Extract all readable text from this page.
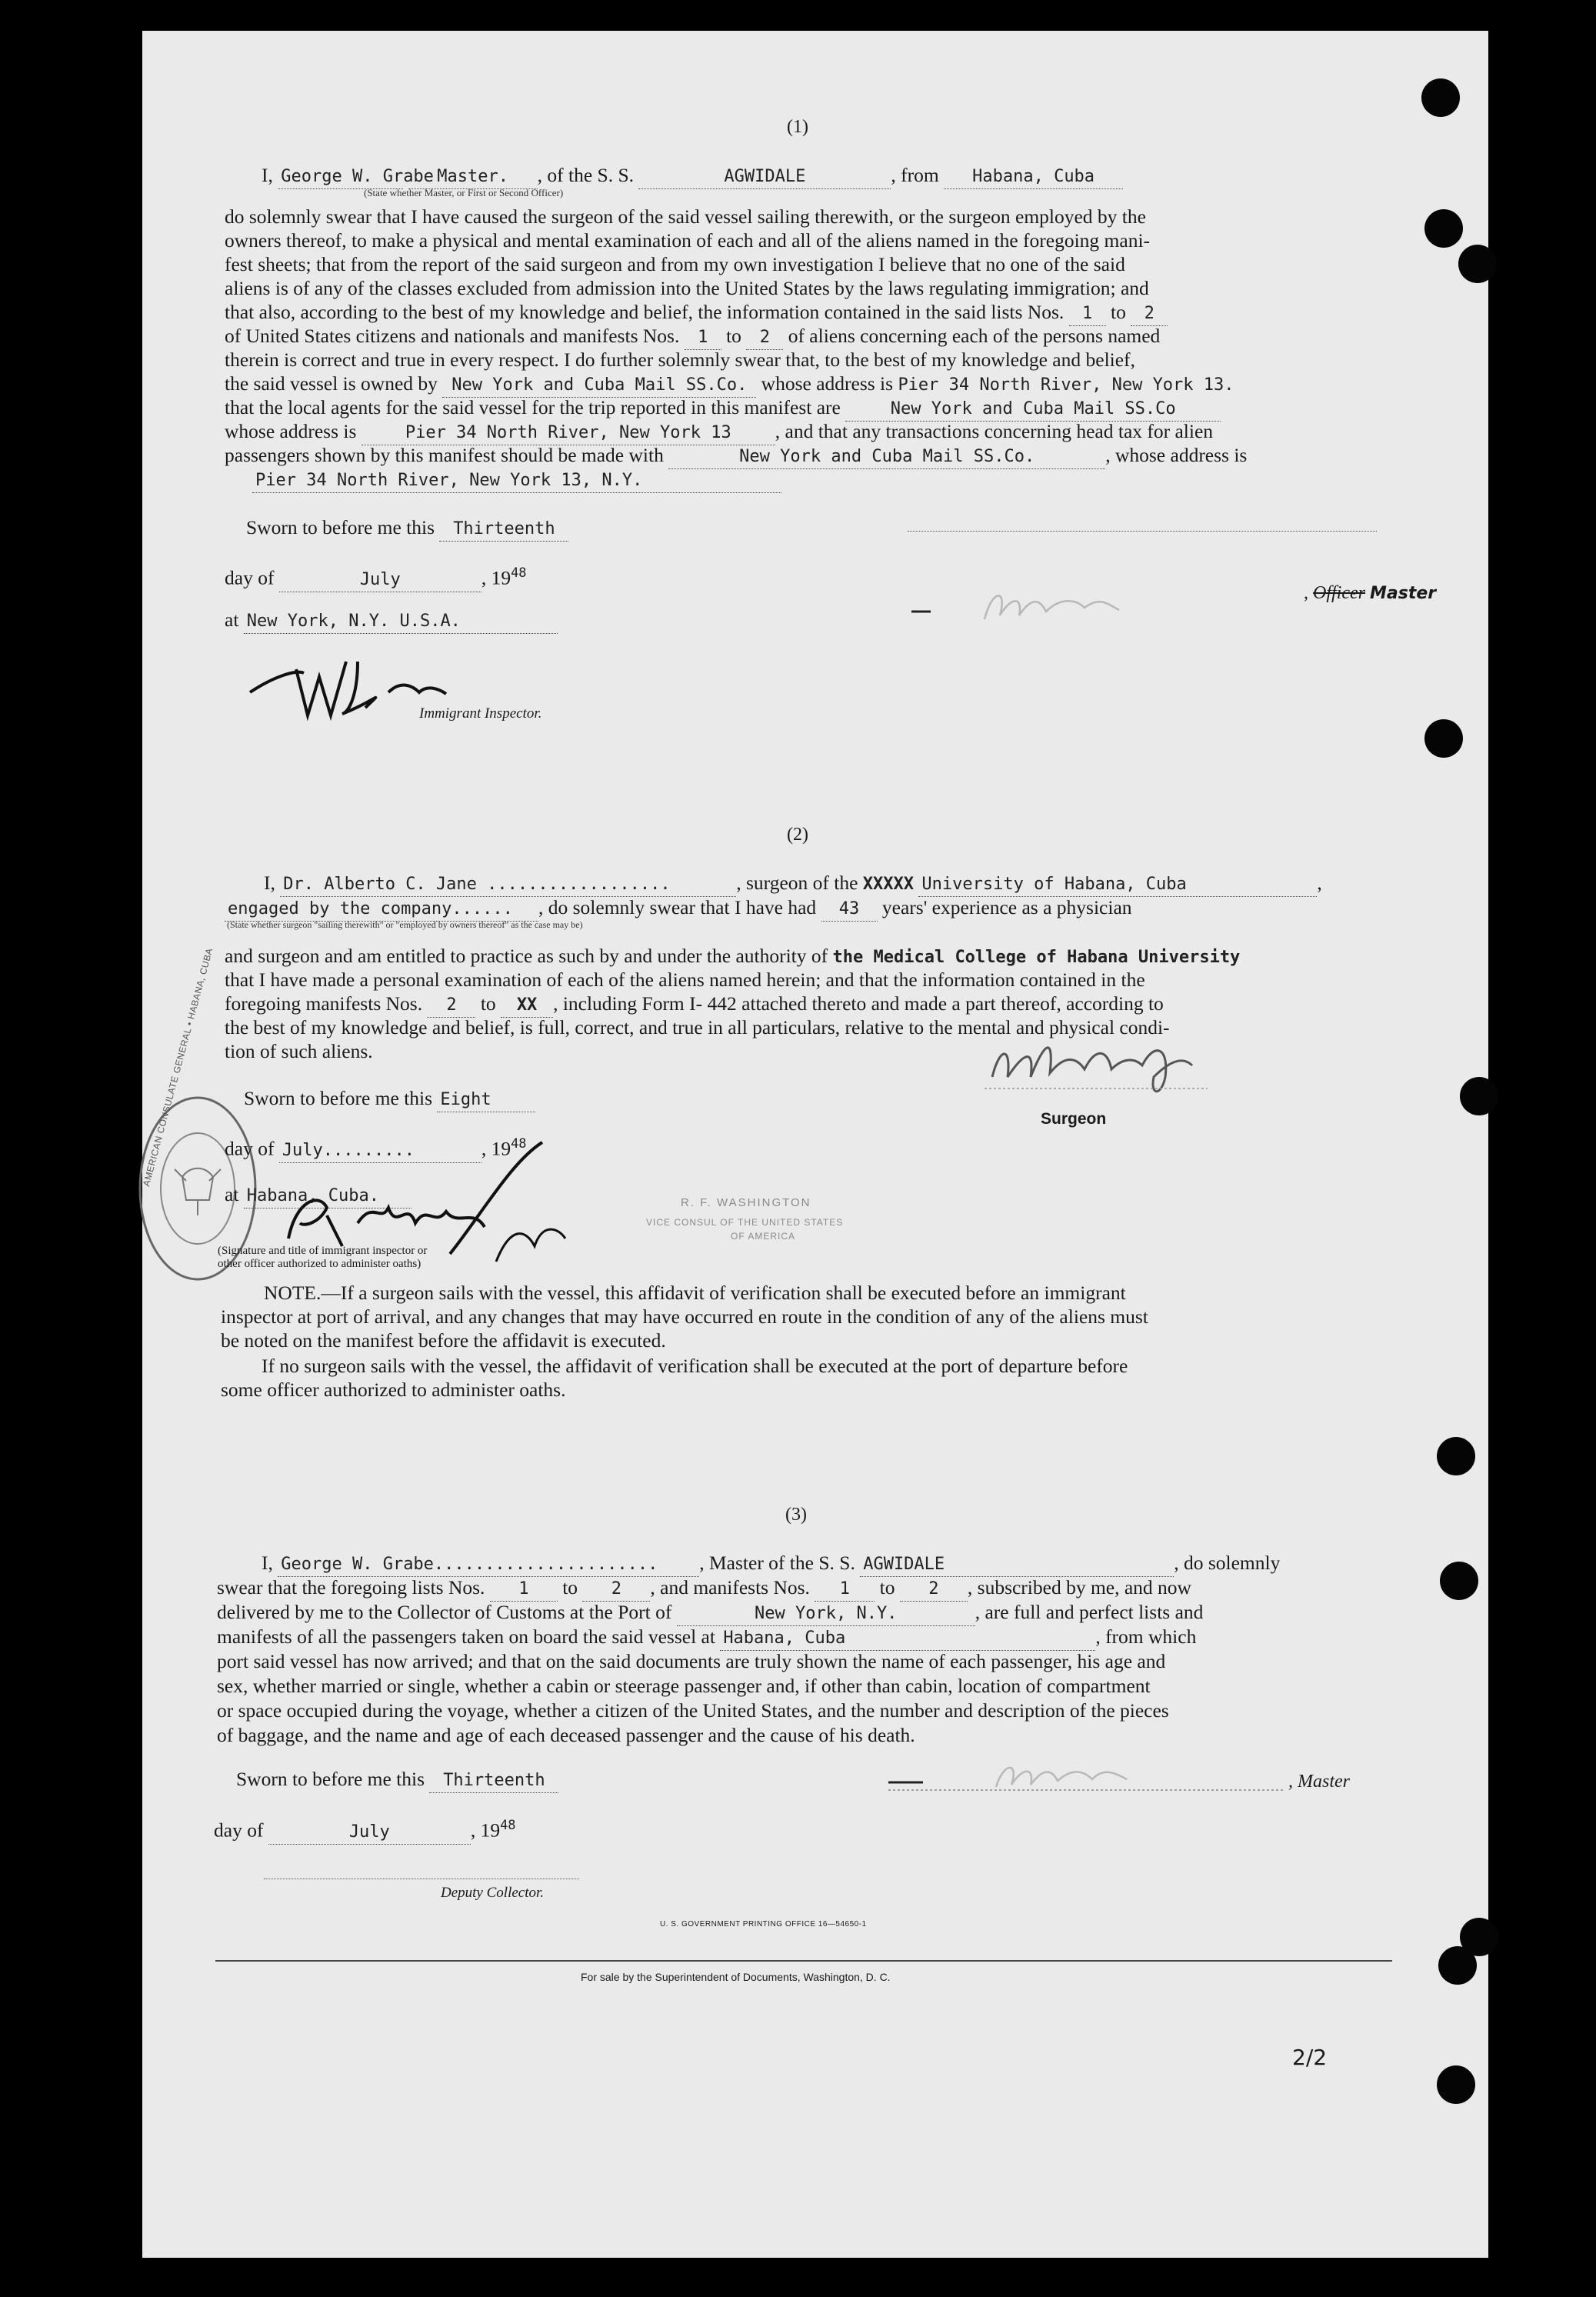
(1)
I, George W. Grabe Master. , of the S. S.	AGWIDALE	, from Habana, Cuba
(State whether Master, or First or Second Officer)
do solemnly swear that I have caused the surgeon of the said vessel sailing therewith, or the surgeon employed by the
owners thereof, to make a physical and mental examination of each and all of the aliens named in the foregoing mani-
fest sheets; that from the report of the said surgeon and from my own investigation I believe that no one of the said
aliens is of any of the classes excluded from admission into the United States by the laws regulating immigration; and
that also, according to the best of my knowledge and belief, the information contained in the said lists Nos. 1 to 2
of United States citizens and nationals and manifests Nos. 1 to 2 of aliens concerning each of the persons named
therein is correct and true in every respect. I do further solemnly swear that, to the best of my knowledge and belief,
the said vessel is owned by New York and Cuba Mail SS.Co. whose address is Pier 34 North River, New York 13.
that the local agents for the said vessel for the trip reported in this manifest are	New York and Cuba Mail SS.Co
whose address is	Pier 34 North River, New York 13 , and that any transactions concerning head tax for alien
passengers shown by this manifest should be made with	New York and Cuba Mail SS.Co.	, whose address is
Pier 34 North River, New York 13, N.Y.
Sworn to before me this Thirteenth
day of	July	, $19^{48}$
at New York, N.Y. U.S.A.
, Officer Master
Immigrant Inspector.
(2)
I, Dr. Alberto C. Jane ..................	, surgeon of the XXXXX University of Habana, Cuba	,
engaged by the company...... , do solemnly swear that I have had 43 years' experience as a physician
(State whether surgeon "sailing therewith" or "employed by owners thereof" as the case may be)
and surgeon and am entitled to practice as such by and under the authority of the Medical College of Habana University
that I have made a personal examination of each of the aliens named herein; and that the information contained in the
foregoing manifests Nos. 2 to XX , including Form I- 442 attached thereto and made a part thereof, according to
the best of my knowledge and belief, is full, correct, and true in all particulars, relative to the mental and physical condi-
tion of such aliens.
Surgeon
Sworn to before me this Eight
AMERICAN CONSULATE GENERAL • HABANA, CUBA day of July.........	, $19^{48}$
at Habana, Cuba.
(Signature and title of immigrant inspector or
other officer authorized to administer oaths)
R. F. WASHINGTON
VICE CONSUL OF THE UNITED STATES
OF AMERICA
NOTE.—If a surgeon sails with the vessel, this affidavit of verification shall be executed before an immigrant
inspector at port of arrival, and any changes that may have occurred en route in the condition of any of the aliens must
be noted on the manifest before the affidavit is executed.
If no surgeon sails with the vessel, the affidavit of verification shall be executed at the port of departure before
some officer authorized to administer oaths.
(3)
I, George W. Grabe...................... , Master of the S. S. AGWIDALE	, do solemnly
swear that the foregoing lists Nos. 1 to 2 , and manifests Nos. 1 to 2 , subscribed by me, and now
delivered by me to the Collector of Customs at the Port of	New York, N.Y.	, are full and perfect lists and
manifests of all the passengers taken on board the said vessel at Habana, Cuba	, from which
port said vessel has now arrived; and that on the said documents are truly shown the name of each passenger, his age and
sex, whether married or single, whether a cabin or steerage passenger and, if other than cabin, location of compartment
or space occupied during the voyage, whether a citizen of the United States, and the number and description of the pieces
of baggage, and the name and age of each deceased passenger and the cause of his death.
Sworn to before me this Thirteenth	, Master
day of	July	, $19^{48}$
Deputy Collector.
U. S. GOVERNMENT PRINTING OFFICE 16—54650-1
For sale by the Superintendent of Documents, Washington, D. C.
2/2
